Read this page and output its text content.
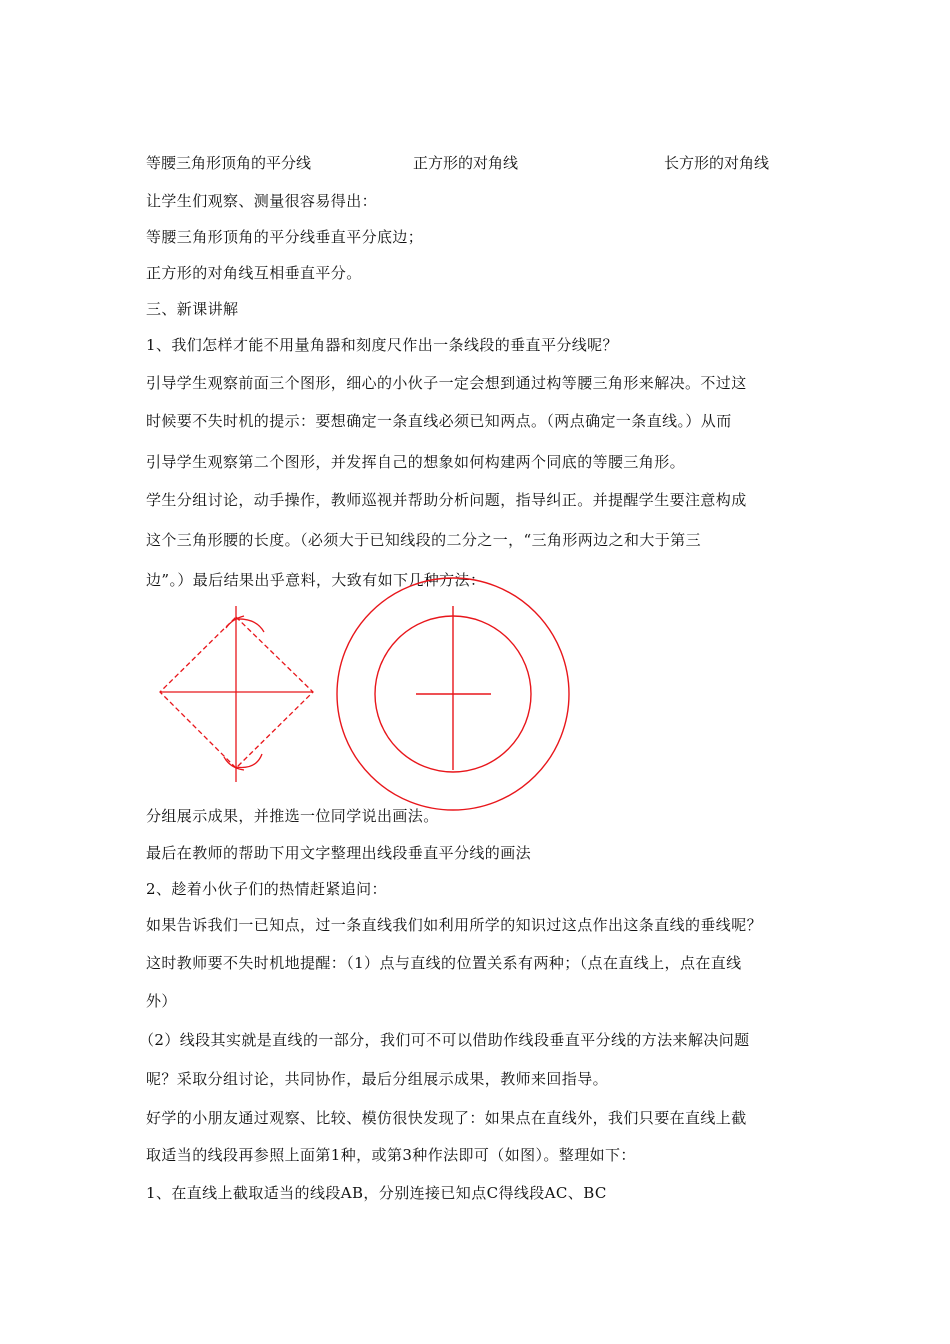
等腰三角形顶角的平分线	正方形的对角线	长方形的对角线
让学生们观察、测量很容易得出：
等腰三角形顶角的平分线垂直平分底边；
正方形的对角线互相垂直平分。
三、新课讲解
1、我们怎样才能不用量角器和刻度尺作出一条线段的垂直平分线呢？
引导学生观察前面三个图形，细心的小伙子一定会想到通过构等腰三角形来解决。不过这
时候要不失时机的提示：要想确定一条直线必须已知两点。（两点确定一条直线。）从而
引导学生观察第二个图形，并发挥自己的想象如何构建两个同底的等腰三角形。
学生分组讨论，动手操作，教师巡视并帮助分析问题，指导纠正。并提醒学生要注意构成
这个三角形腰的长度。（必须大于已知线段的二分之一，“三角形两边之和大于第三
边”。）最后结果出乎意料，大致有如下几种方法：
分组展示成果，并推选一位同学说出画法。
最后在教师的帮助下用文字整理出线段垂直平分线的画法
2、趁着小伙子们的热情赶紧追问：
如果告诉我们一已知点，过一条直线我们如利用所学的知识过这点作出这条直线的垂线呢？
这时教师要不失时机地提醒：（1）点与直线的位置关系有两种；（点在直线上，点在直线
外）
（2）线段其实就是直线的一部分，我们可不可以借助作线段垂直平分线的方法来解决问题
呢？采取分组讨论，共同协作，最后分组展示成果，教师来回指导。
好学的小朋友通过观察、比较、模仿很快发现了：如果点在直线外，我们只要在直线上截
取适当的线段再参照上面第1种，或第3种作法即可（如图）。整理如下：
1、在直线上截取适当的线段AB，分别连接已知点C得线段AC、BC
